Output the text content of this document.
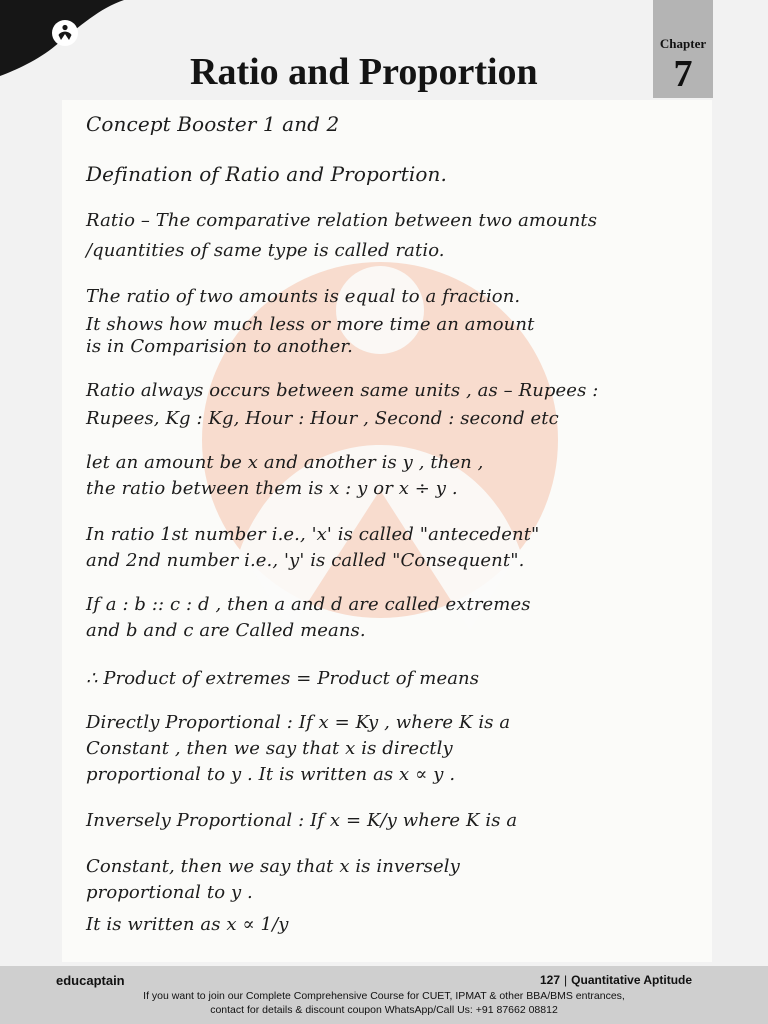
Chapter
7
Ratio and Proportion

Concept Booster 1 and 2

Defination of Ratio and Proportion.

Ratio – The comparative relation between two amounts

/quantities of same type is called ratio.

The ratio of two amounts is equal to a fraction.

It shows how much less or more time an amount

is in Comparision to another.

Ratio always occurs between same units , as – Rupees :

Rupees, Kg : Kg, Hour : Hour , Second : second etc

let an amount be x and another is y , then ,

the ratio between them is x : y or x ÷ y .

In ratio 1st number i.e., 'x' is called "antecedent"

and 2nd number i.e., 'y' is called "Consequent".

If a : b :: c : d , then a and d are called extremes

and b and c are Called means.

∴ Product of extremes = Product of means

Directly Proportional : If x = Ky , where K is a

Constant , then we say that x is directly

proportional to y . It is written as x ∝ y .

Inversely Proportional : If x = K/y where K is a

Constant, then we say that x is inversely

proportional to y .

It is written as x ∝ 1/y

educaptain	127 | Quantitative Aptitude
If you want to join our Complete Comprehensive Course for CUET, IPMAT & other BBA/BMS entrances,
contact for details & discount coupon WhatsApp/Call Us: +91 87662 08812
